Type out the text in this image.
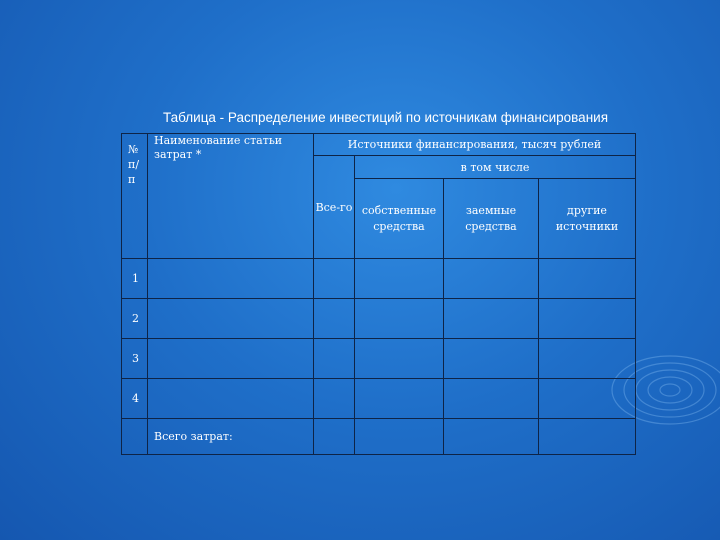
Таблица - Распределение инвестиций по источникам финансирования
№ п/ п	Наименование статьи затрат *	Источники финансирования, тысяч рублей			
		Все-го	в том числе		
			собственные средства	заемные средства	другие источники
1					
2					
3					
4					
	Всего затрат:				
